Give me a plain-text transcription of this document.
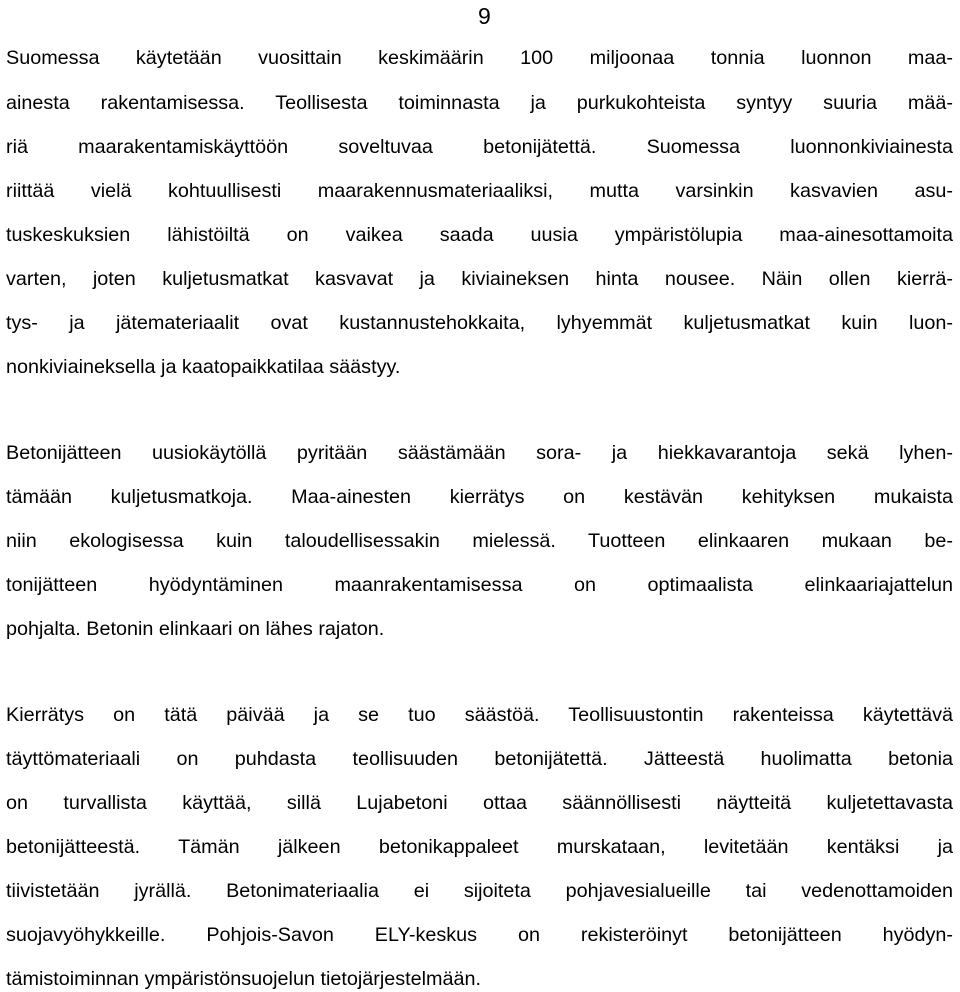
9
Suomessa käytetään vuosittain keskimäärin 100 miljoonaa tonnia luonnon maa-
ainesta rakentamisessa. Teollisesta toiminnasta ja purkukohteista syntyy suuria mää-
riä maarakentamiskäyttöön soveltuvaa betonijätettä. Suomessa luonnonkiviainesta
riittää vielä kohtuullisesti maarakennusmateriaaliksi, mutta varsinkin kasvavien asu-
tuskeskuksien lähistöiltä on vaikea saada uusia ympäristölupia maa-ainesottamoita
varten, joten kuljetusmatkat kasvavat ja kiviaineksen hinta nousee. Näin ollen kierrä-
tys- ja jätemateriaalit ovat kustannustehokkaita, lyhyemmät kuljetusmatkat kuin luon-
nonkiviaineksella ja kaatopaikkatilaa säästyy.
Betonijätteen uusiokäytöllä pyritään säästämään sora- ja hiekkavarantoja sekä lyhen-
tämään kuljetusmatkoja. Maa-ainesten kierrätys on kestävän kehityksen mukaista
niin ekologisessa kuin taloudellisessakin mielessä. Tuotteen elinkaaren mukaan be-
tonijätteen hyödyntäminen maanrakentamisessa on optimaalista elinkaariajattelun
pohjalta. Betonin elinkaari on lähes rajaton.
Kierrätys on tätä päivää ja se tuo säästöä. Teollisuustontin rakenteissa käytettävä
täyttömateriaali on puhdasta teollisuuden betonijätettä. Jätteestä huolimatta betonia
on turvallista käyttää, sillä Lujabetoni ottaa säännöllisesti näytteitä kuljetettavasta
betonijätteestä. Tämän jälkeen betonikappaleet murskataan, levitetään kentäksi ja
tiivistetään jyrällä. Betonimateriaalia ei sijoiteta pohjavesialueille tai vedenottamoiden
suojavyöhykkeille. Pohjois-Savon ELY-keskus on rekisteröinyt betonijätteen hyödyn-
tämistoiminnan ympäristönsuojelun tietojärjestelmään.
